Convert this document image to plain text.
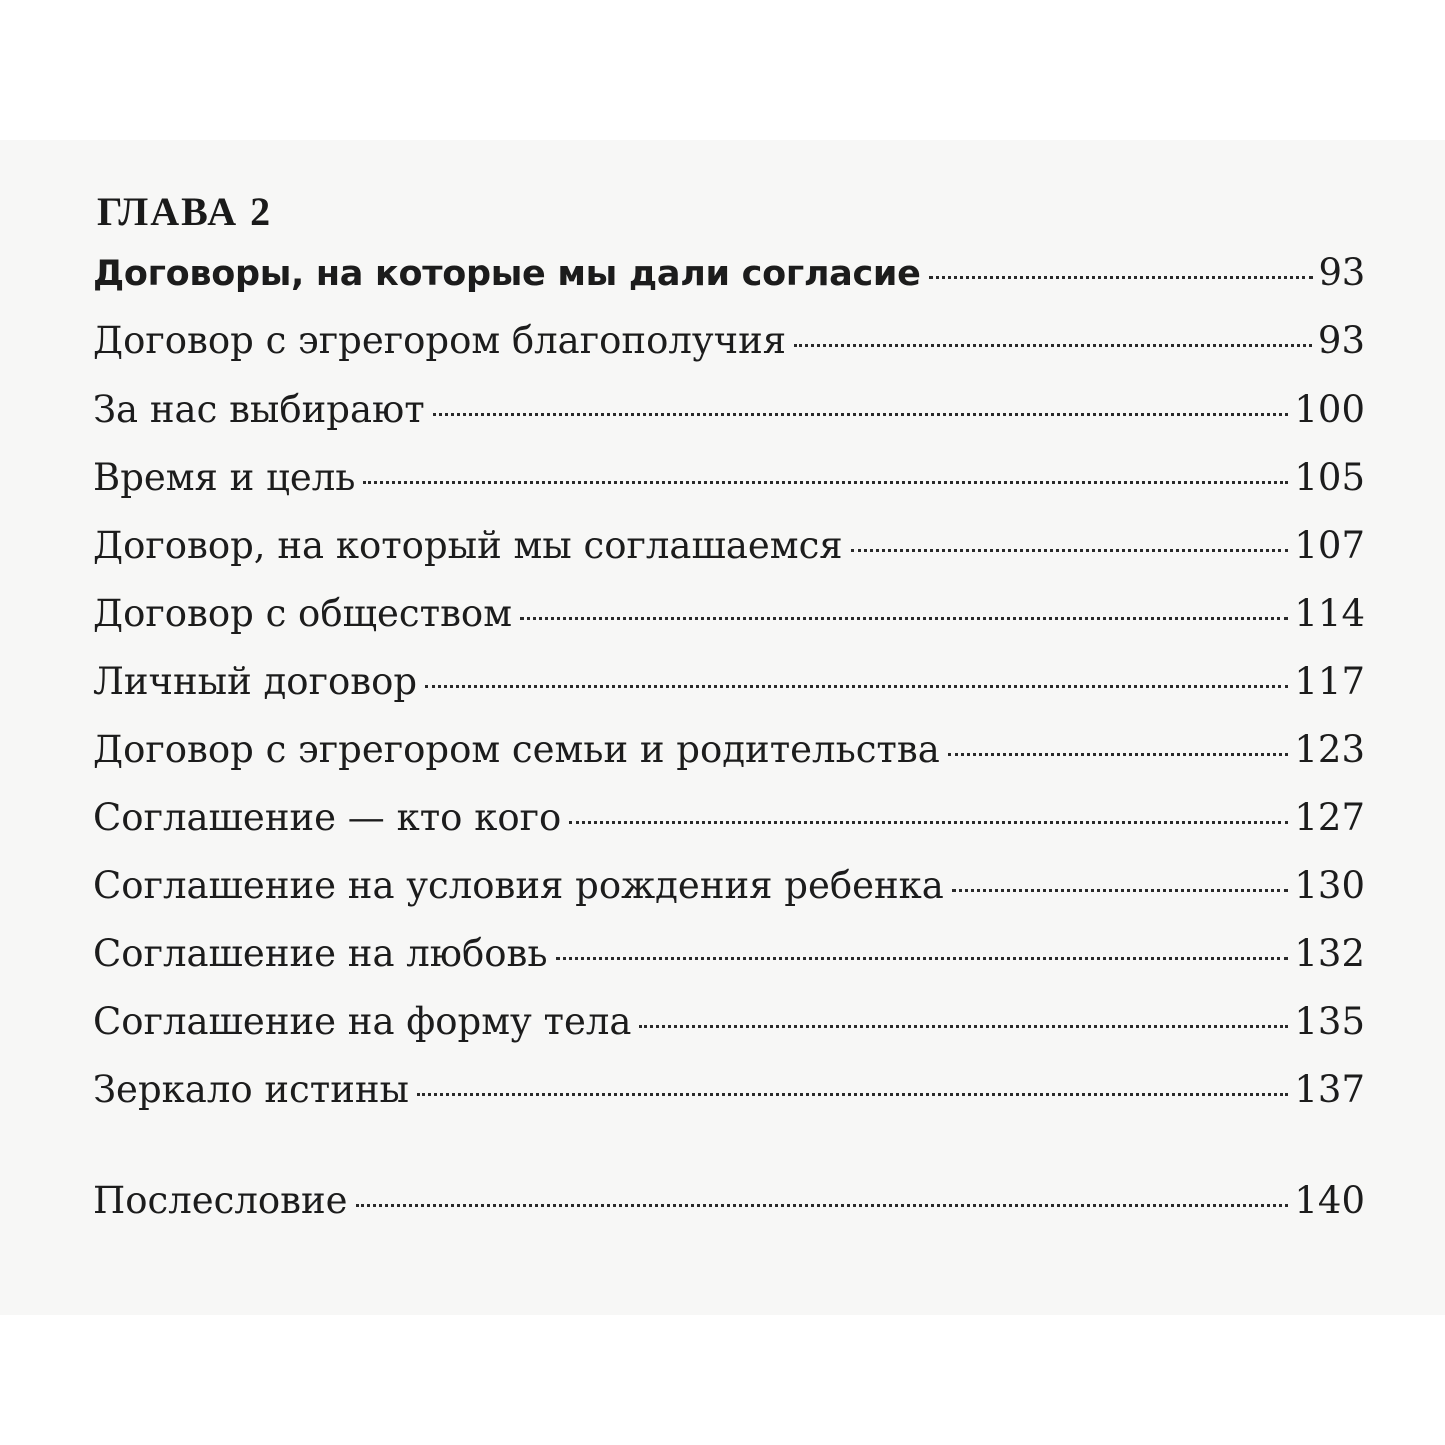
ГЛАВА 2
Договоры, на которые мы дали согласие	93
Договор с эгрегором благополучия	93
За нас выбирают	100
Время и цель	105
Договор, на который мы соглашаемся	107
Договор с обществом	114
Личный договор	117
Договор с эгрегором семьи и родительства	123
Соглашение — кто кого	127
Соглашение на условия рождения ребенка	130
Соглашение на любовь	132
Соглашение на форму тела	135
Зеркало истины	137
Послесловие	140
